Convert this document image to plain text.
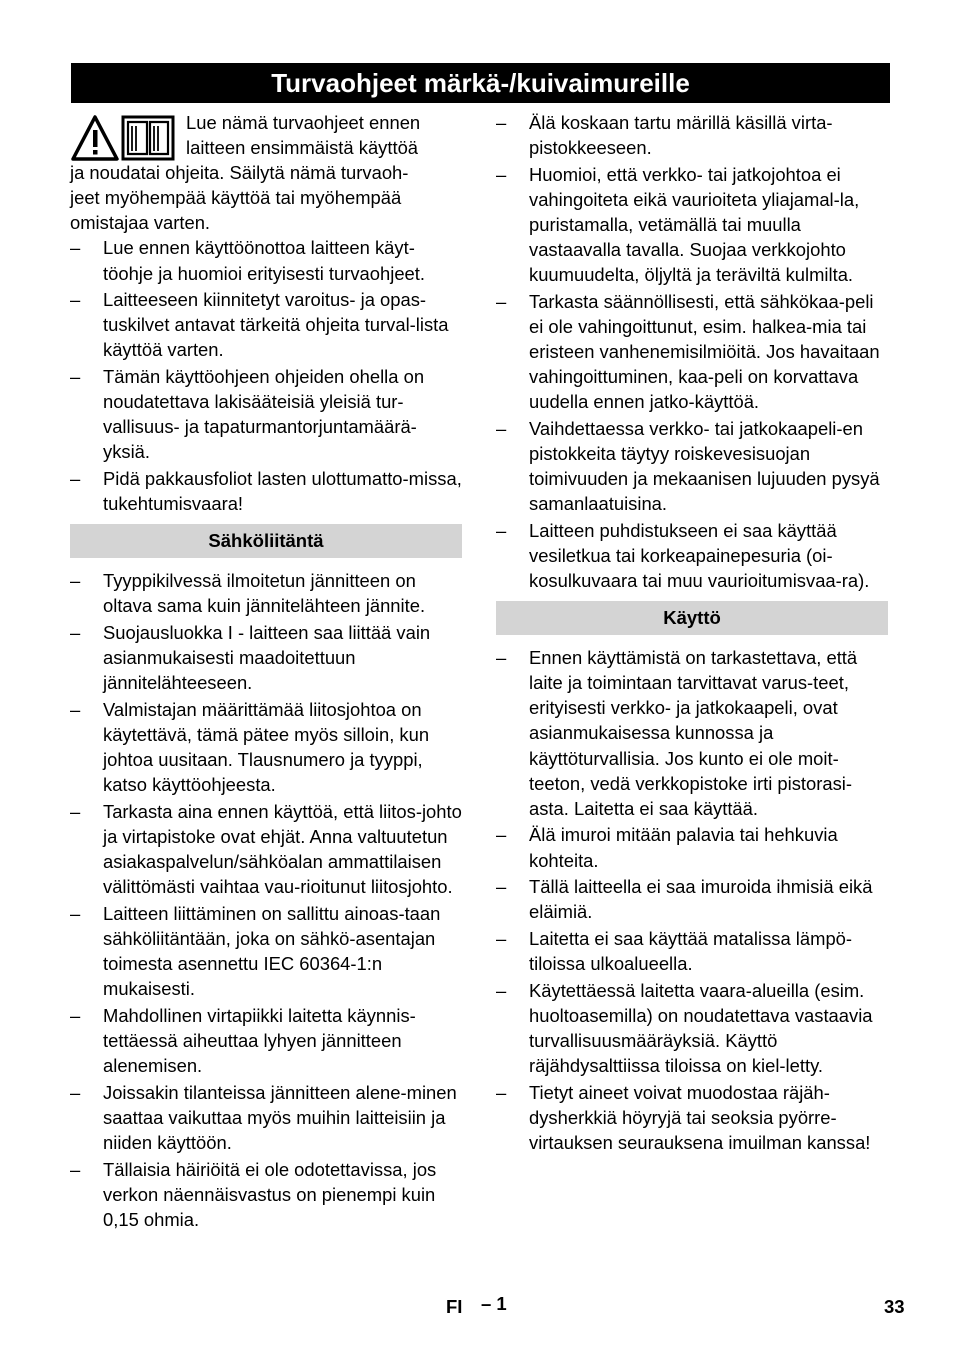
Turvaohjeet märkä-/kuivaimureille

Lue nämä turvaohjeet ennen

laitteen ensimmäistä käyttöä

ja noudatai ohjeita. Säilytä nämä turvaoh-

jeet myöhempää käyttöä tai myöhempää

omistajaa varten.

– Lue ennen käyttöönottoa laitteen käyt-töohje ja huomioi erityisesti turvaohjeet.
– Laitteeseen kiinnitetyt varoitus- ja opas-tuskilvet antavat tärkeitä ohjeita turval-lista käyttöä varten.
– Tämän käyttöohjeen ohjeiden ohella on noudatettava lakisääteisiä yleisiä tur-vallisuus- ja tapaturmantorjuntamäärä-yksiä.
– Pidä pakkausfoliot lasten ulottumatto-missa, tukehtumisvaara!
Sähköliitäntä
– Tyyppikilvessä ilmoitetun jännitteen on oltava sama kuin jännitelähteen jännite.
– Suojausluokka I - laitteen saa liittää vain asianmukaisesti maadoitettuun jännitelähteeseen.
– Valmistajan määrittämää liitosjohtoa on käytettävä, tämä pätee myös silloin, kun johtoa uusitaan. Tlausnumero ja tyyppi, katso käyttöohjeesta.
– Tarkasta aina ennen käyttöä, että liitos-johto ja virtapistoke ovat ehjät. Anna valtuutetun asiakaspalvelun/sähköalan ammattilaisen välittömästi vaihtaa vau-rioitunut liitosjohto.
– Laitteen liittäminen on sallittu ainoas-taan sähköliitäntään, joka on sähkö-asentajan toimesta asennettu IEC 60364-1:n mukaisesti.
– Mahdollinen virtapiikki laitetta käynnis-tettäessä aiheuttaa lyhyen jännitteen alenemisen.
– Joissakin tilanteissa jännitteen alene-minen saattaa vaikuttaa myös muihin laitteisiin ja niiden käyttöön.
– Tällaisia häiriöitä ei ole odotettavissa, jos verkon näennäisvastus on pienempi kuin 0,15 ohmia.
– Älä koskaan tartu märillä käsillä virta-pistokkeeseen.
– Huomioi, että verkko- tai jatkojohtoa ei vahingoiteta eikä vaurioiteta yliajamal-la, puristamalla, vetämällä tai muulla vastaavalla tavalla. Suojaa verkkojohto kuumuudelta, öljyltä ja teräviltä kulmilta.
– Tarkasta säännöllisesti, että sähkökaa-peli ei ole vahingoittunut, esim. halkea-mia tai eristeen vanhenemisilmiöitä. Jos havaitaan vahingoittuminen, kaa-peli on korvattava uudella ennen jatko-käyttöä.
– Vaihdettaessa verkko- tai jatkokaapeli-en pistokkeita täytyy roiskevesisuojan toimivuuden ja mekaanisen lujuuden pysyä samanlaatuisina.
– Laitteen puhdistukseen ei saa käyttää vesiletkua tai korkeapainepesuria (oi-kosulkuvaara tai muu vaurioitumisvaa-ra).
Käyttö
– Ennen käyttämistä on tarkastettava, että laite ja toimintaan tarvittavat varus-teet, erityisesti verkko- ja jatkokaapeli, ovat asianmukaisessa kunnossa ja käyttöturvallisia. Jos kunto ei ole moit-teeton, vedä verkkopistoke irti pistorasi-asta. Laitetta ei saa käyttää.
– Älä imuroi mitään palavia tai hehkuvia kohteita.
– Tällä laitteella ei saa imuroida ihmisiä eikä eläimiä.
– Laitetta ei saa käyttää matalissa lämpö-tiloissa ulkoalueella.
– Käytettäessä laitetta vaara-alueilla (esim. huoltoasemilla) on noudatettava vastaavia turvallisuusmääräyksiä. Käyttö räjähdysalttiissa tiloissa on kiel-letty.
– Tietyt aineet voivat muodostaa räjäh-dysherkkiä höyryjä tai seoksia pyörre-virtauksen seurauksena imuilman kanssa!
FI – 1	33
